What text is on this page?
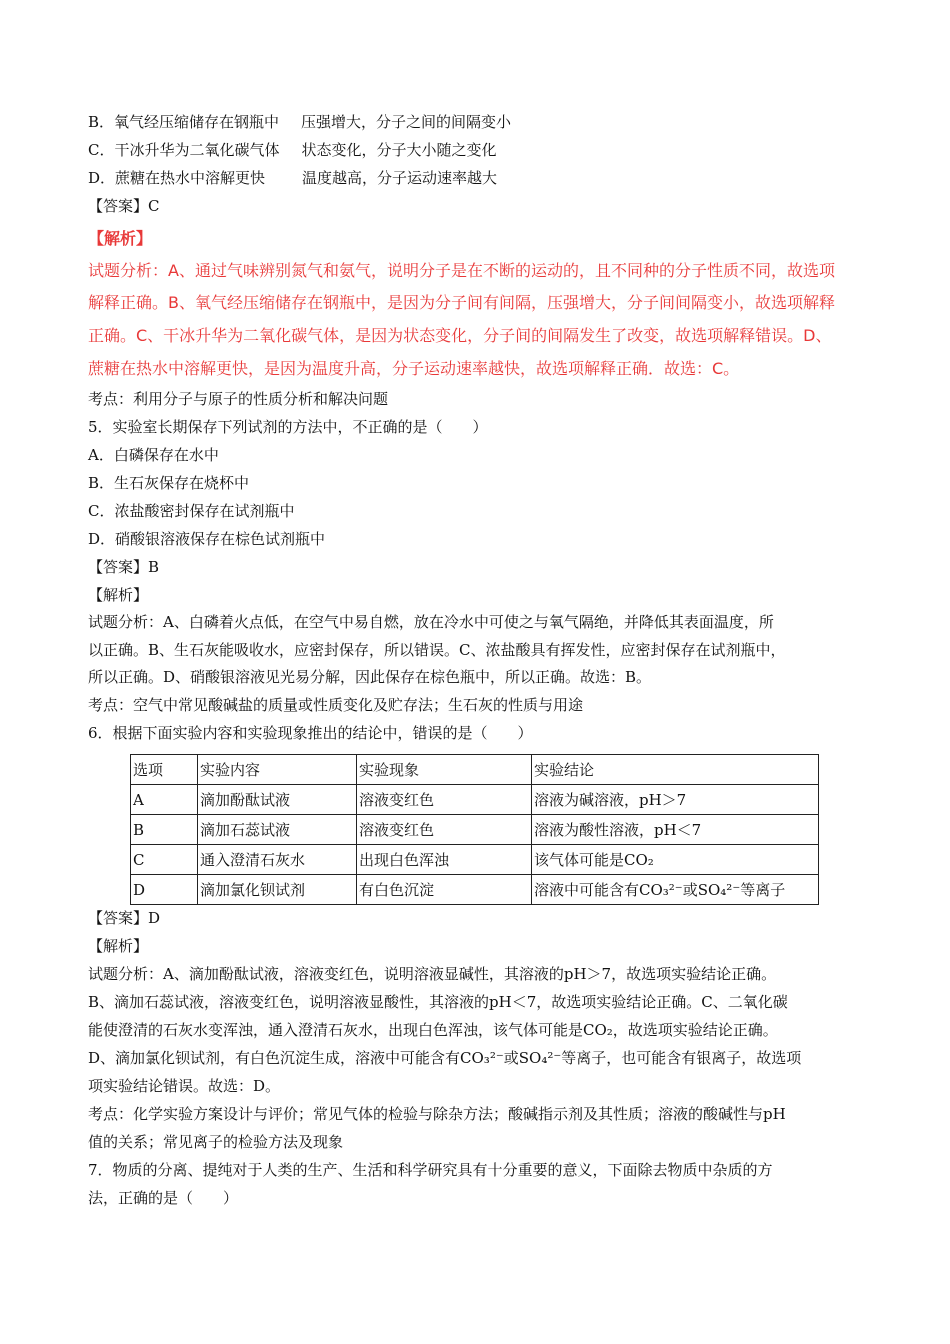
B．氧气经压缩储存在钢瓶中 压强增大，分子之间的间隔变小
C．干冰升华为二氧化碳气体 状态变化，分子大小随之变化
D．蔗糖在热水中溶解更快 温度越高，分子运动速率越大
【答案】C
【解析】
试题分析：A、通过气味辨别氮气和氨气，说明分子是在不断的运动的，且不同种的分子性质不同，故选项
解释正确。B、氧气经压缩储存在钢瓶中，是因为分子间有间隔，压强增大，分子间间隔变小，故选项解释
正确。C、干冰升华为二氧化碳气体，是因为状态变化，分子间的间隔发生了改变，故选项解释错误。D、
蔗糖在热水中溶解更快，是因为温度升高，分子运动速率越快，故选项解释正确．故选：C。
考点：利用分子与原子的性质分析和解决问题
5．实验室长期保存下列试剂的方法中，不正确的是（　　）
A．白磷保存在水中
B．生石灰保存在烧杯中
C．浓盐酸密封保存在试剂瓶中
D．硝酸银溶液保存在棕色试剂瓶中
【答案】B
【解析】
试题分析：A、白磷着火点低，在空气中易自燃，放在冷水中可使之与氧气隔绝，并降低其表面温度，所
以正确。B、生石灰能吸收水，应密封保存，所以错误。C、浓盐酸具有挥发性，应密封保存在试剂瓶中，
所以正确。D、硝酸银溶液见光易分解，因此保存在棕色瓶中，所以正确。故选：B。
考点：空气中常见酸碱盐的质量或性质变化及贮存法；生石灰的性质与用途
6．根据下面实验内容和实验现象推出的结论中，错误的是（　　）
选项	实验内容	实验现象	实验结论
A	滴加酚酞试液	溶液变红色	溶液为碱溶液，pH＞7
B	滴加石蕊试液	溶液变红色	溶液为酸性溶液，pH＜7
C	通入澄清石灰水	出现白色浑浊	该气体可能是CO₂
D	滴加氯化钡试剂	有白色沉淀	溶液中可能含有CO₃²⁻或SO₄²⁻等离子
【答案】D
【解析】
试题分析：A、滴加酚酞试液，溶液变红色，说明溶液显碱性，其溶液的pH＞7，故选项实验结论正确。
B、滴加石蕊试液，溶液变红色，说明溶液显酸性，其溶液的pH＜7，故选项实验结论正确。C、二氧化碳
能使澄清的石灰水变浑浊，通入澄清石灰水，出现白色浑浊，该气体可能是CO₂，故选项实验结论正确。
D、滴加氯化钡试剂，有白色沉淀生成，溶液中可能含有CO₃²⁻或SO₄²⁻等离子，也可能含有银离子，故选项
项实验结论错误。故选：D。
考点：化学实验方案设计与评价；常见气体的检验与除杂方法；酸碱指示剂及其性质；溶液的酸碱性与pH
值的关系；常见离子的检验方法及现象
7．物质的分离、提纯对于人类的生产、生活和科学研究具有十分重要的意义，下面除去物质中杂质的方
法，正确的是（　　）
